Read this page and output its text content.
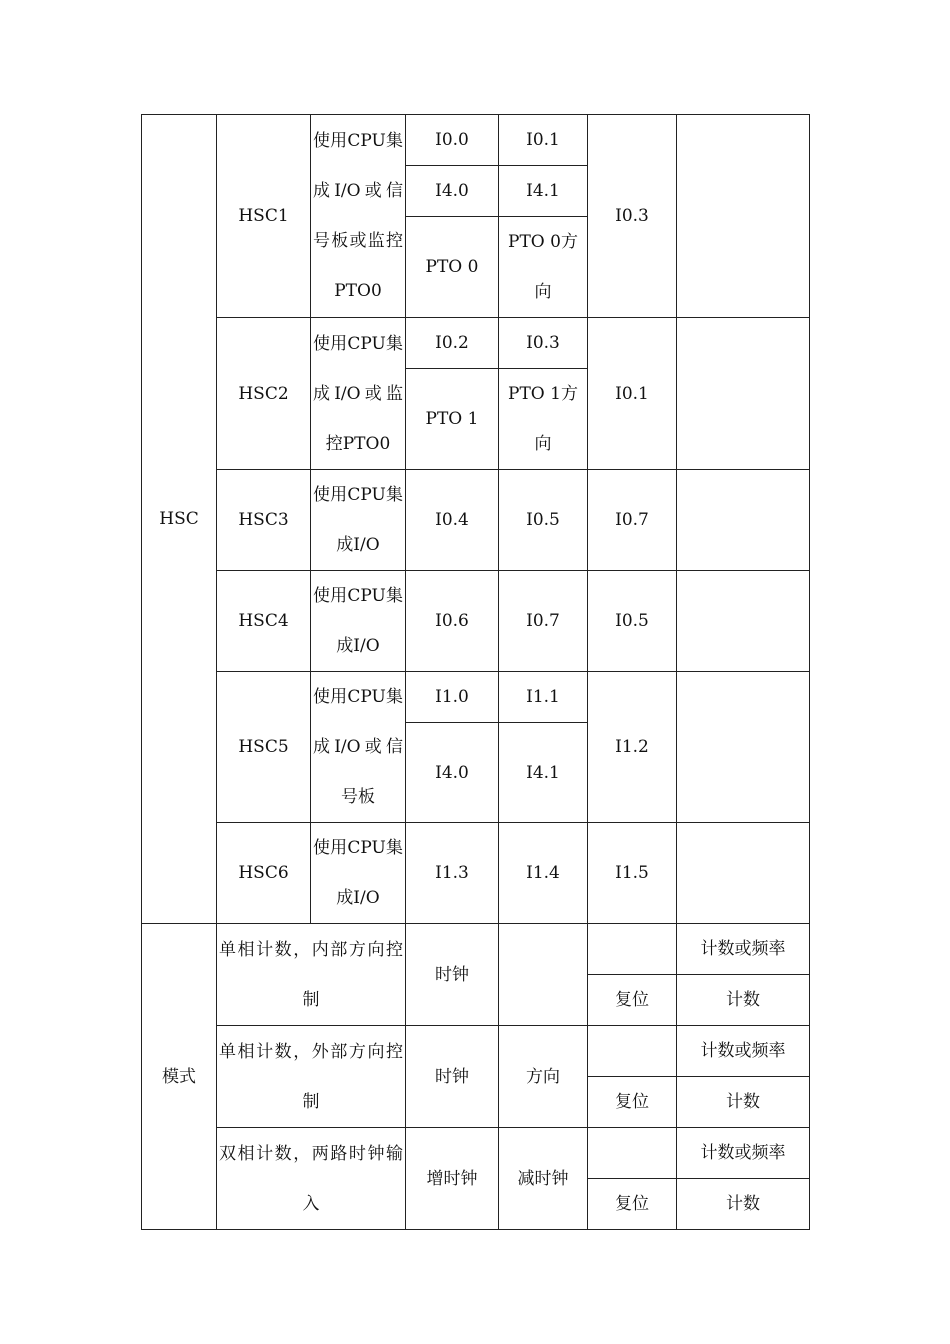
HSC	HSC1	使用CPU集成I/O或信号板或监控PTO0	I0.0	I0.1	I0.3	
			I4.0	I4.1		
			PTO 0	PTO 0方向		

	HSC2	使用CPU集成I/O或监控PTO0	I0.2	I0.3	I0.1	
			PTO 1	PTO 1方向		

	HSC3	使用CPU集成I/O	I0.4	I0.5	I0.7	

	HSC4	使用CPU集成I/O	I0.6	I0.7	I0.5	

	HSC5	使用CPU集成I/O或信号板	I1.0	I1.1	I1.2	
			I4.0	I4.1		

	HSC6	使用CPU集成I/O	I1.3	I1.4	I1.5	

模式	单相计数，内部方向控制		时钟			计数或频率
					复位	计数
	单相计数，外部方向控制		时钟	方向		计数或频率
					复位	计数
	双相计数，两路时钟输入		增时钟	减时钟		计数或频率
					复位	计数
